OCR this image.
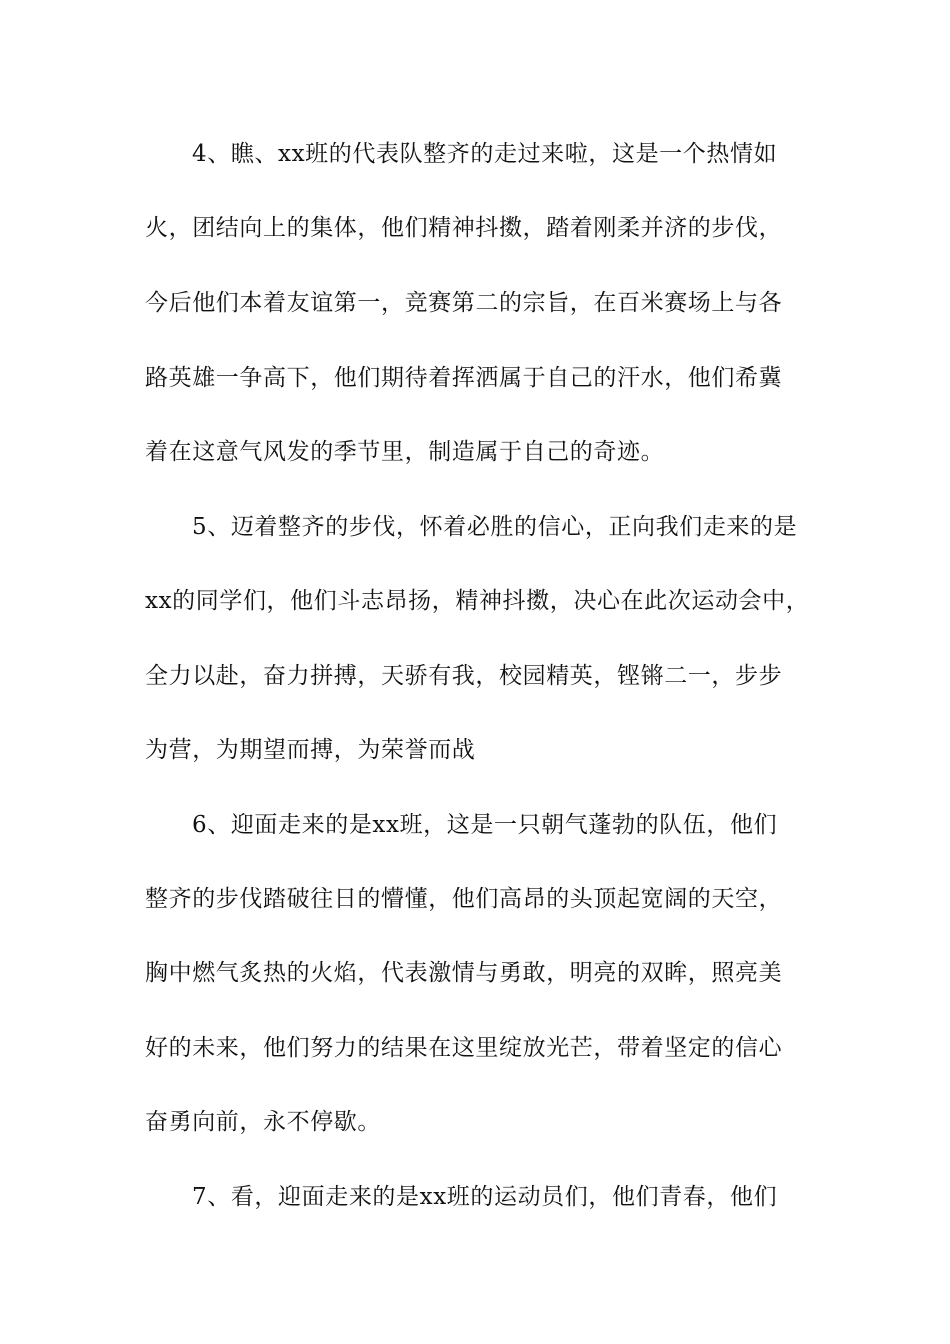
4、瞧、xx班的代表队整齐的走过来啦，这是一个热情如
火，团结向上的集体，他们精神抖擞，踏着刚柔并济的步伐，
今后他们本着友谊第一，竞赛第二的宗旨，在百米赛场上与各
路英雄一争高下，他们期待着挥洒属于自己的汗水，他们希冀
着在这意气风发的季节里，制造属于自己的奇迹。
5、迈着整齐的步伐，怀着必胜的信心，正向我们走来的是
xx的同学们，他们斗志昂扬，精神抖擞，决心在此次运动会中，
全力以赴，奋力拼搏，天骄有我，校园精英，铿锵二一，步步
为营，为期望而搏，为荣誉而战
6、迎面走来的是xx班，这是一只朝气蓬勃的队伍，他们
整齐的步伐踏破往日的懵懂，他们高昂的头顶起宽阔的天空，
胸中燃气炙热的火焰，代表激情与勇敢，明亮的双眸，照亮美
好的未来，他们努力的结果在这里绽放光芒，带着坚定的信心
奋勇向前，永不停歇。
7、看，迎面走来的是xx班的运动员们，他们青春，他们
